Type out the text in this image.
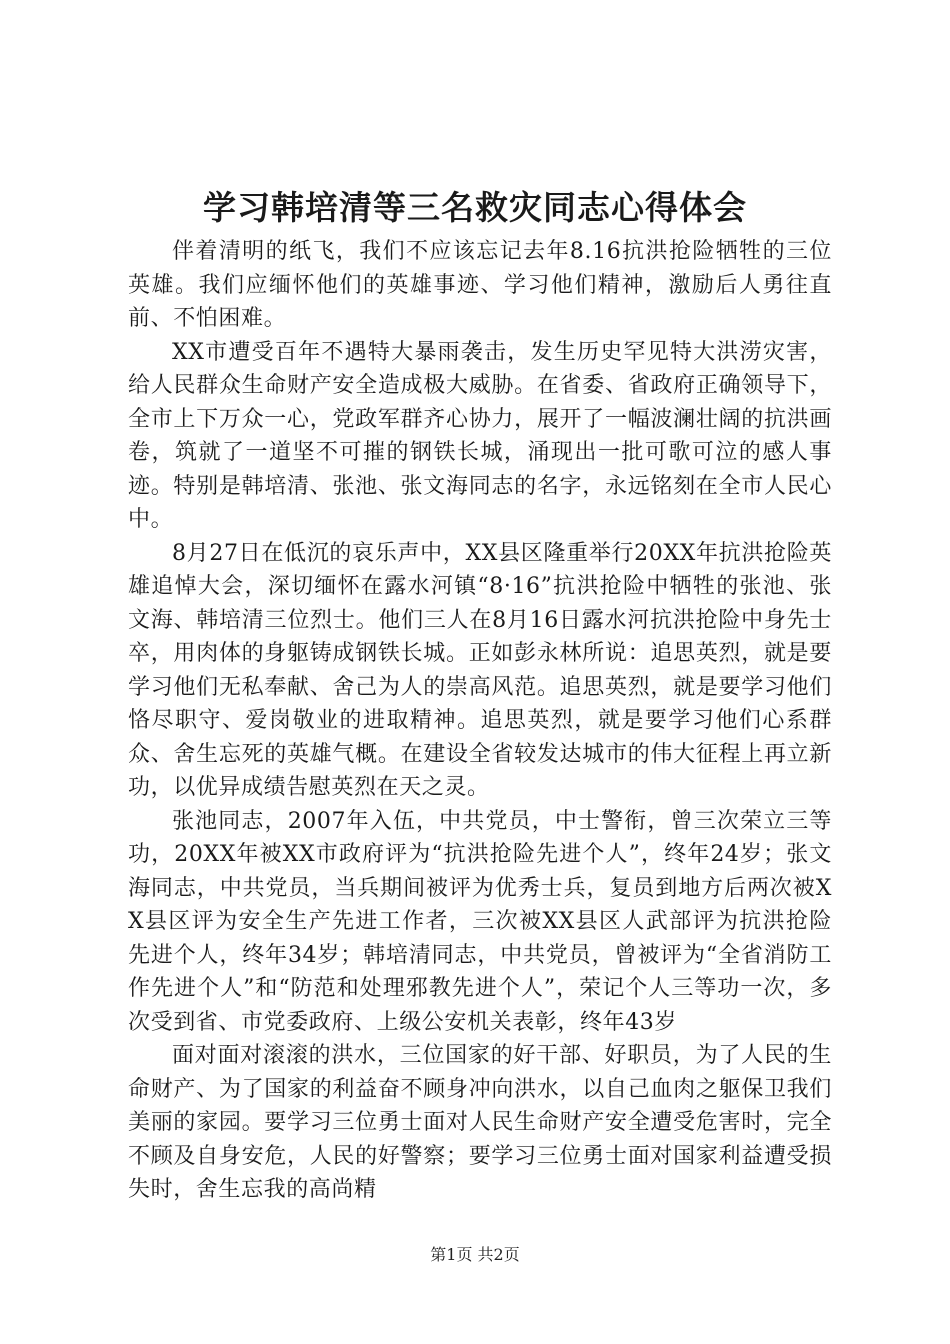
学习韩培清等三名救灾同志心得体会

伴着清明的纸飞，我们不应该忘记去年8.16抗洪抢险牺牲的三位英雄。我们应缅怀他们的英雄事迹、学习他们精神，激励后人勇往直前、不怕困难。

XX市遭受百年不遇特大暴雨袭击，发生历史罕见特大洪涝灾害，给人民群众生命财产安全造成极大威胁。在省委、省政府正确领导下，全市上下万众一心，党政军群齐心协力，展开了一幅波澜壮阔的抗洪画卷，筑就了一道坚不可摧的钢铁长城，涌现出一批可歌可泣的感人事迹。特别是韩培清、张池、张文海同志的名字，永远铭刻在全市人民心中。

8月27日在低沉的哀乐声中，XX县区隆重举行20XX年抗洪抢险英雄追悼大会，深切缅怀在露水河镇“8·16”抗洪抢险中牺牲的张池、张文海、韩培清三位烈士。他们三人在8月16日露水河抗洪抢险中身先士卒，用肉体的身躯铸成钢铁长城。正如彭永林所说：追思英烈，就是要学习他们无私奉献、舍己为人的崇高风范。追思英烈，就是要学习他们恪尽职守、爱岗敬业的进取精神。追思英烈，就是要学习他们心系群众、舍生忘死的英雄气概。在建设全省较发达城市的伟大征程上再立新功，以优异成绩告慰英烈在天之灵。

张池同志，2007年入伍，中共党员，中士警衔，曾三次荣立三等功，20XX年被XX市政府评为“抗洪抢险先进个人”，终年24岁；张文海同志，中共党员，当兵期间被评为优秀士兵，复员到地方后两次被XX县区评为安全生产先进工作者，三次被XX县区人武部评为抗洪抢险先进个人，终年34岁；韩培清同志，中共党员，曾被评为“全省消防工作先进个人”和“防范和处理邪教先进个人”，荣记个人三等功一次，多次受到省、市党委政府、上级公安机关表彰，终年43岁

面对面对滚滚的洪水，三位国家的好干部、好职员，为了人民的生命财产、为了国家的利益奋不顾身冲向洪水，以自己血肉之躯保卫我们美丽的家园。要学习三位勇士面对人民生命财产安全遭受危害时，完全不顾及自身安危，人民的好警察；要学习三位勇士面对国家利益遭受损失时，舍生忘我的高尚精

第1页 共2页
